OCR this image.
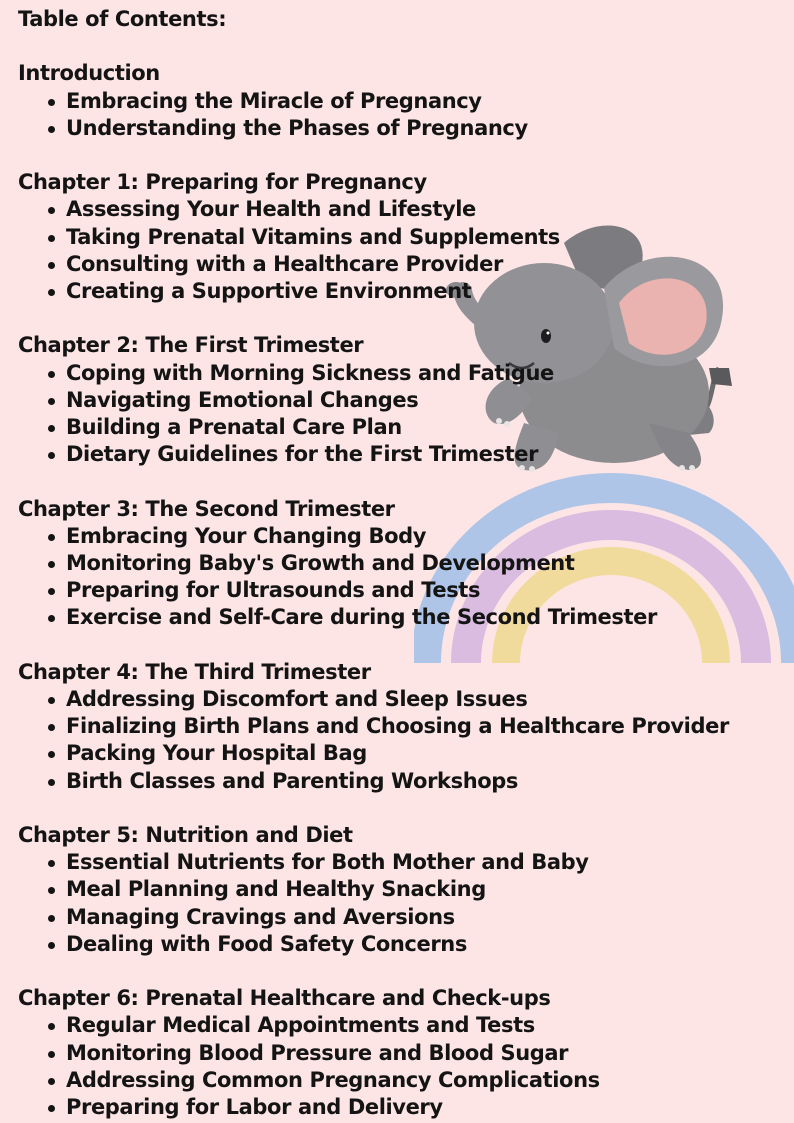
Table of Contents:
Introduction
Embracing the Miracle of Pregnancy
Understanding the Phases of Pregnancy
Chapter 1: Preparing for Pregnancy
Assessing Your Health and Lifestyle
Taking Prenatal Vitamins and Supplements
Consulting with a Healthcare Provider
Creating a Supportive Environment
Chapter 2: The First Trimester
Coping with Morning Sickness and Fatigue
Navigating Emotional Changes
Building a Prenatal Care Plan
Dietary Guidelines for the First Trimester
Chapter 3: The Second Trimester
Embracing Your Changing Body
Monitoring Baby's Growth and Development
Preparing for Ultrasounds and Tests
Exercise and Self-Care during the Second Trimester
Chapter 4: The Third Trimester
Addressing Discomfort and Sleep Issues
Finalizing Birth Plans and Choosing a Healthcare Provider
Packing Your Hospital Bag
Birth Classes and Parenting Workshops
Chapter 5: Nutrition and Diet
Essential Nutrients for Both Mother and Baby
Meal Planning and Healthy Snacking
Managing Cravings and Aversions
Dealing with Food Safety Concerns
Chapter 6: Prenatal Healthcare and Check-ups
Regular Medical Appointments and Tests
Monitoring Blood Pressure and Blood Sugar
Addressing Common Pregnancy Complications
Preparing for Labor and Delivery
